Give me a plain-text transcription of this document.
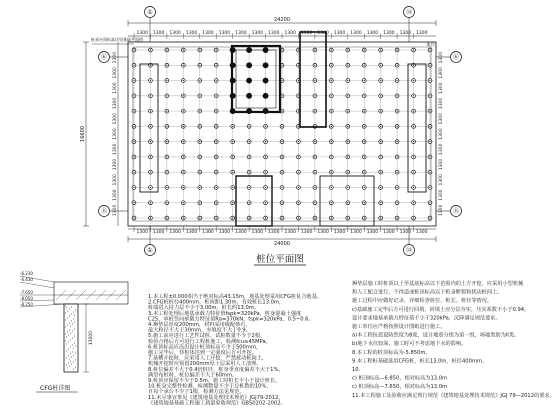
①	⑭
①	⑭
Ⓚ
Ⓑ
Ⓚ
Ⓑ
24200
24000
16600
1300
1300
1300
1300
1300
1300
1300
1300
1300
1300
1300
1300
1300
1300
1300
1300
1300
1300
1300
1300
1300
1300
1300
1300
1300
1300
1300
1300
1300
1300
1300
1300
1300
1300
1300
1300
1300	1300
1300	1300
1300	1300
1300	1300
1300	1300
1300	1300
1300	1300
1300	1300
1300	1300
1300	1300
1300	1300
桩承台顶标高详见基础平面图
承台
桩位平面图
13000
-6.230
-6.430
-7.650
-8.050
-8.250
CFG桩详图
1.本工程±0.000相当于绝对标高43.15m，地基处理采用CFG桩复合地基。
2.CFG桩桩径400mm，桩间距1.30m，有效桩长13.0m，
桩端进入持力层不小于3.00m，桩长约13.0m。
3.本工程处理后地基承载力特征值fspk=320kPa，桩身混凝土强度
C25，单桩竖向承载力特征值Ra=370kN，fspk=320kPa，0.5~0.6。
4.褥垫层厚度200mm，材料采用级配砂石，
最大粒径不大于30mm，夯填度不大于0.9。
5.施工前应进行工艺性试桩，试桩数量不少于2根，
检验合格后方可进行工程桩施工，检测fcu≥45MPa。
6.桩顶标高应高出设计桩顶标高不少于500mm，
施工完毕后，待桩体达到一定强度后方可开挖。
7.基槽开挖时，应采用人工开挖，严禁扰动桩间土，
机械开挖时应预留200mm厚土层采用人工清理。
8.桩位偏差不大于0.4倍桩径，桩身垂直度偏差不大于1%，
满堂布桩时，桩位偏差不大于60mm。
9.桩顶应保留不少于0.5m，施工时桩长不小于设计桩长。
10.桩身完整性检测，检测数量不少于总桩数的10%，
且每个承台不少于1根，检测方法见规范。
11.未尽事宜参见《建筑地基处理技术规范》JGJ79-2012，
《建筑地基基础工程施工质量验收规范》GB50202-2002。
褥垫层施工时桩顶以上至基底标高以下范围内的土方开挖，应采用小型机械
和人工配合进行，不得造成桩顶标高以下桩身断裂和扰动桩间土。
施工过程中应做好记录，详细检查桩位、桩长、桩径等情况。
c)基础施工完毕后方可进行回填，回填土应分层夯实，压实系数不小于0.94，
设计要求地基承载力特征值不小于320kPa，沉降满足规范要求。
施工单位应严格按照设计图纸进行施工。
a)本工程抗震设防烈度为8度，设计地震分组为第一组，场地类别为II类。
b)地下水位较深，施工时可不考虑地下水的影响。
8.本工程的桩顶标高为-5.850m。
9.本工程桩基础选用CFG桩，桩长13.0m，桩径400mm。
10.
c) 桩顶标高—6.850，相对标高为13.0m
c) 桩顶标高—7.650，相对标高为13.0m
11.本工程施工及验收应满足现行规范《建筑地基处理技术规范》JGJ 79—2012的要求。
